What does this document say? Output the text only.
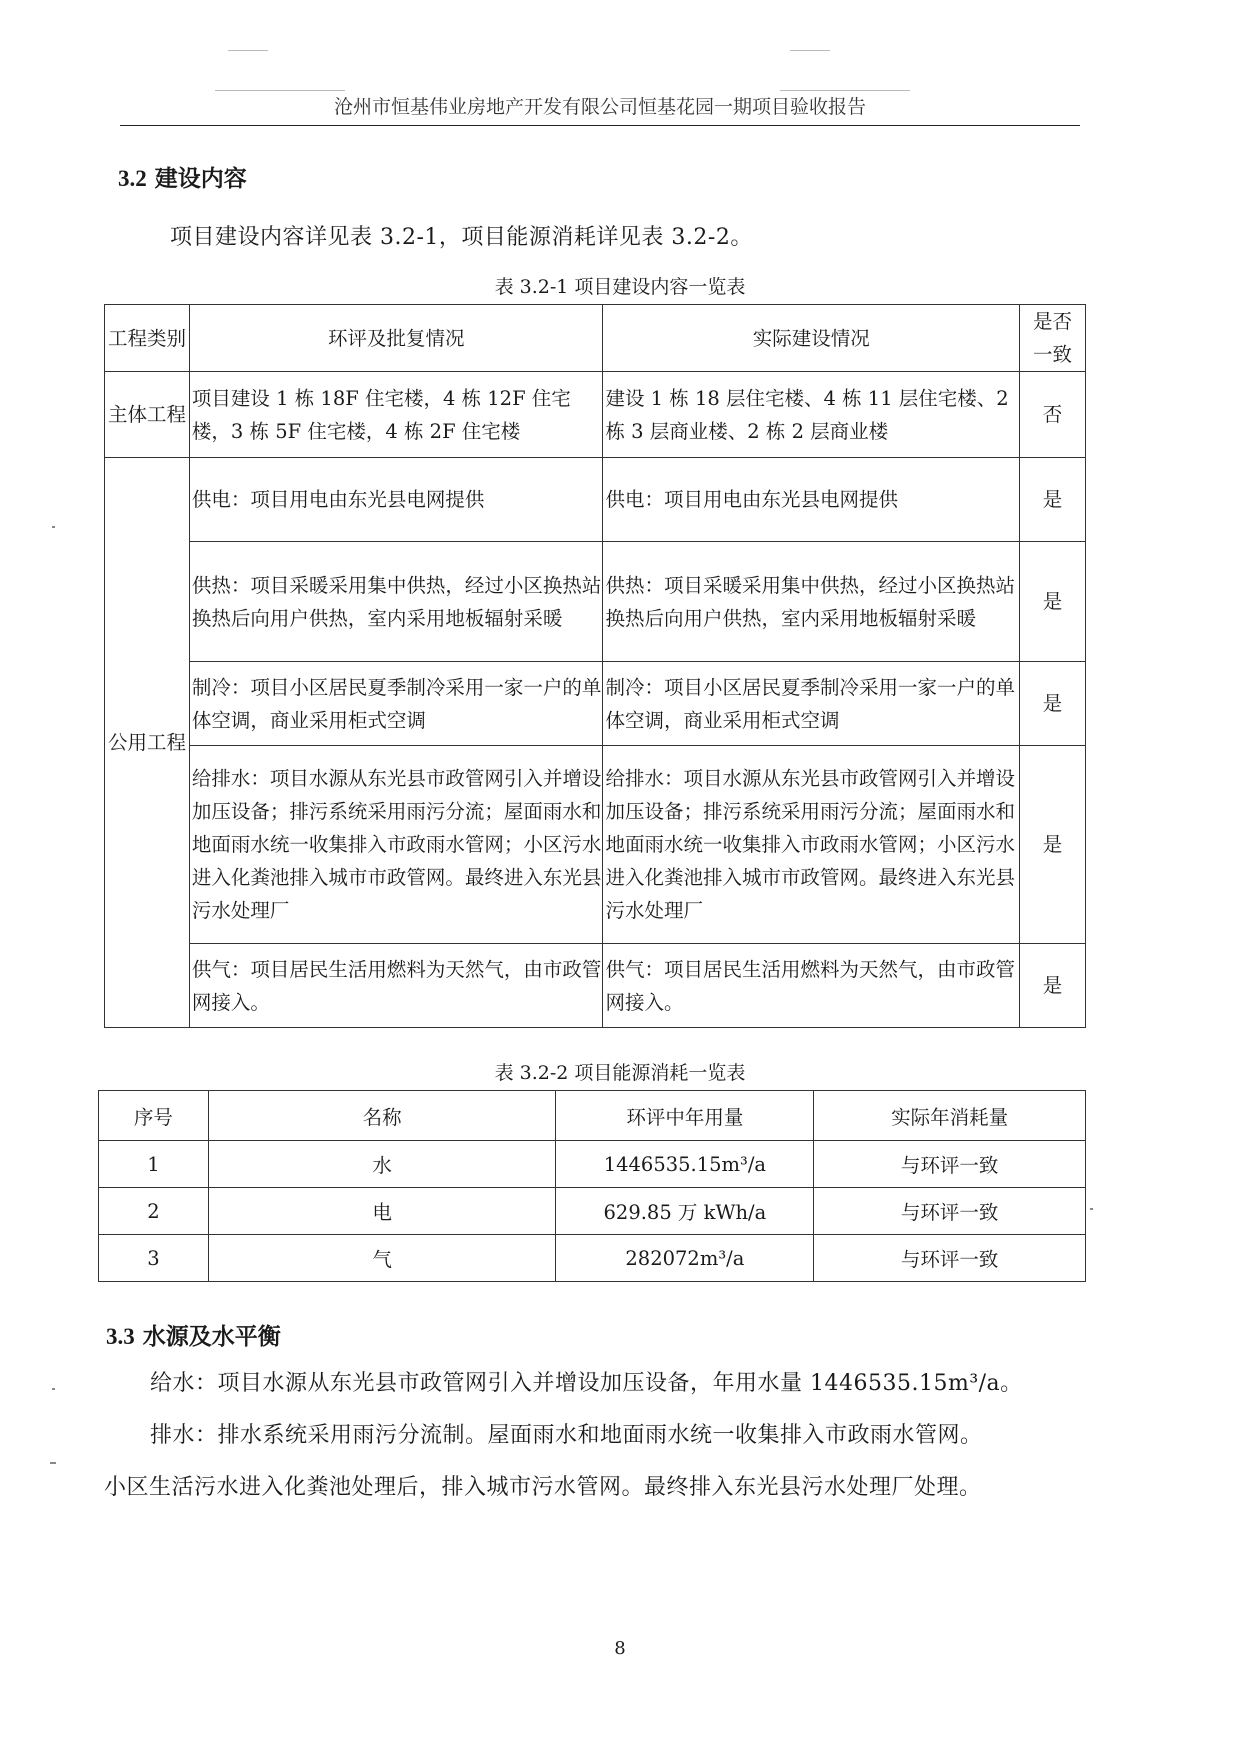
沧州市恒基伟业房地产开发有限公司恒基花园一期项目验收报告
3.2 建设内容
项目建设内容详见表 3.2-1，项目能源消耗详见表 3.2-2。
表 3.2-1 项目建设内容一览表
工程类别	环评及批复情况	实际建设情况	是否一致
主体工程	项目建设 1 栋 18F 住宅楼，4 栋 12F 住宅楼，3 栋 5F 住宅楼，4 栋 2F 住宅楼	建设 1 栋 18 层住宅楼、4 栋 11 层住宅楼、2 栋 3 层商业楼、2 栋 2 层商业楼	否
公用工程	供电：项目用电由东光县电网提供	供电：项目用电由东光县电网提供	是
	供热：项目采暖采用集中供热，经过小区换热站换热后向用户供热，室内采用地板辐射采暖	供热：项目采暖采用集中供热，经过小区换热站换热后向用户供热，室内采用地板辐射采暖	是
	制冷：项目小区居民夏季制冷采用一家一户的单体空调，商业采用柜式空调	制冷：项目小区居民夏季制冷采用一家一户的单体空调，商业采用柜式空调	是
	给排水：项目水源从东光县市政管网引入并增设加压设备；排污系统采用雨污分流；屋面雨水和地面雨水统一收集排入市政雨水管网；小区污水进入化粪池排入城市市政管网。最终进入东光县污水处理厂	给排水：项目水源从东光县市政管网引入并增设加压设备；排污系统采用雨污分流；屋面雨水和地面雨水统一收集排入市政雨水管网；小区污水进入化粪池排入城市市政管网。最终进入东光县污水处理厂	是
	供气：项目居民生活用燃料为天然气，由市政管网接入。	供气：项目居民生活用燃料为天然气，由市政管网接入。	是
表 3.2-2 项目能源消耗一览表
序号	名称	环评中年用量	实际年消耗量
1	水	1446535.15m³/a	与环评一致
2	电	629.85 万 kWh/a	与环评一致
3	气	282072m³/a	与环评一致
3.3 水源及水平衡
给水：项目水源从东光县市政管网引入并增设加压设备，年用水量 1446535.15m³/a。
排水：排水系统采用雨污分流制。屋面雨水和地面雨水统一收集排入市政雨水管网。
小区生活污水进入化粪池处理后，排入城市污水管网。最终排入东光县污水处理厂处理。
8
